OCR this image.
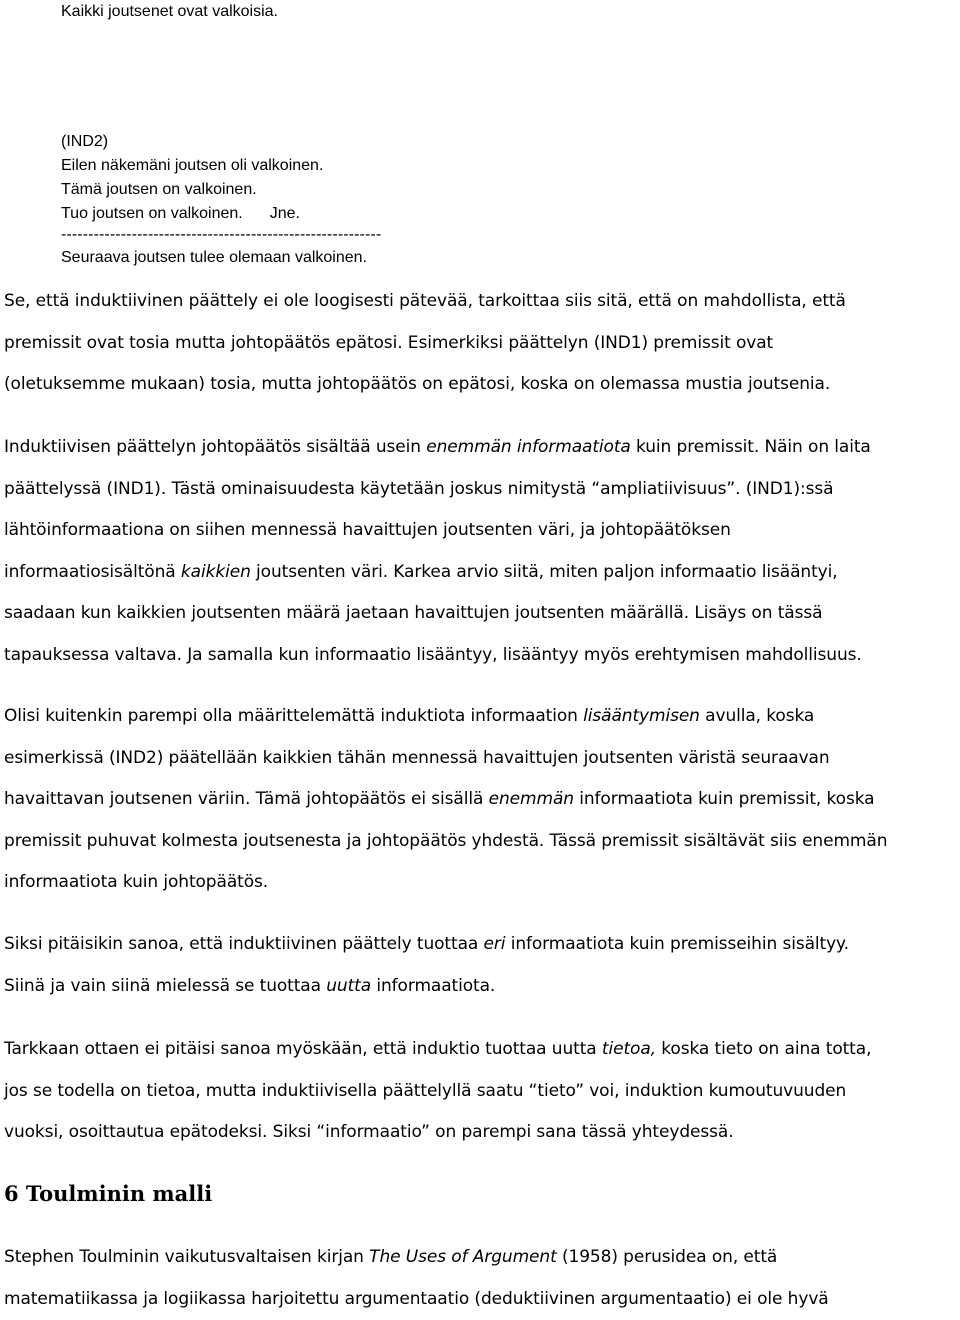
Kaikki joutsenet ovat valkoisia.
(IND2)
Eilen näkemäni joutsen oli valkoinen.
Tämä joutsen on valkoinen.
Tuo joutsen on valkoinen. Jne.
-----------------------------------------------------------
Seuraava joutsen tulee olemaan valkoinen.
Se, että induktiivinen päättely ei ole loogisesti pätevää, tarkoittaa siis sitä, että on mahdollista, että
premissit ovat tosia mutta johtopäätös epätosi. Esimerkiksi päättelyn (IND1) premissit ovat
(oletuksemme mukaan) tosia, mutta johtopäätös on epätosi, koska on olemassa mustia joutsenia.
Induktiivisen päättelyn johtopäätös sisältää usein enemmän informaatiota kuin premissit. Näin on laita
päättelyssä (IND1). Tästä ominaisuudesta käytetään joskus nimitystä “ampliatiivisuus”. (IND1):ssä
lähtöinformaationa on siihen mennessä havaittujen joutsenten väri, ja johtopäätöksen
informaatiosisältönä kaikkien joutsenten väri. Karkea arvio siitä, miten paljon informaatio lisääntyi,
saadaan kun kaikkien joutsenten määrä jaetaan havaittujen joutsenten määrällä. Lisäys on tässä
tapauksessa valtava. Ja samalla kun informaatio lisääntyy, lisääntyy myös erehtymisen mahdollisuus.
Olisi kuitenkin parempi olla määrittelemättä induktiota informaation lisääntymisen avulla, koska
esimerkissä (IND2) päätellään kaikkien tähän mennessä havaittujen joutsenten väristä seuraavan
havaittavan joutsenen väriin. Tämä johtopäätös ei sisällä enemmän informaatiota kuin premissit, koska
premissit puhuvat kolmesta joutsenesta ja johtopäätös yhdestä. Tässä premissit sisältävät siis enemmän
informaatiota kuin johtopäätös.
Siksi pitäisikin sanoa, että induktiivinen päättely tuottaa eri informaatiota kuin premisseihin sisältyy.
Siinä ja vain siinä mielessä se tuottaa uutta informaatiota.
Tarkkaan ottaen ei pitäisi sanoa myöskään, että induktio tuottaa uutta tietoa, koska tieto on aina totta,
jos se todella on tietoa, mutta induktiivisella päättelyllä saatu “tieto” voi, induktion kumoutuvuuden
vuoksi, osoittautua epätodeksi. Siksi “informaatio” on parempi sana tässä yhteydessä.
6 Toulminin malli
Stephen Toulminin vaikutusvaltaisen kirjan The Uses of Argument (1958) perusidea on, että
matematiikassa ja logiikassa harjoitettu argumentaatio (deduktiivinen argumentaatio) ei ole hyvä
